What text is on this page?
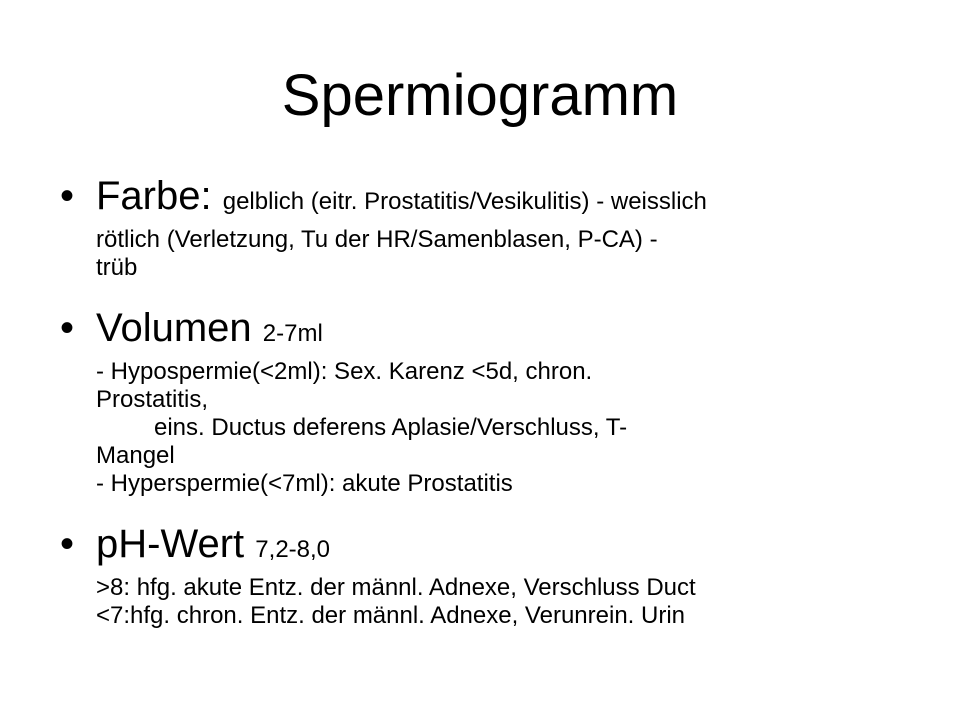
Spermiogramm
• Farbe: gelblich (eitr. Prostatitis/Vesikulitis) - weisslich

rötlich (Verletzung, Tu der HR/Samenblasen, P-CA) -

trüb

• Volumen 2-7ml

- Hypospermie(<2ml): Sex. Karenz <5d, chron.

Prostatitis,

eins. Ductus deferens Aplasie/Verschluss, T-

Mangel

- Hyperspermie(<7ml): akute Prostatitis

• pH-Wert 7,2-8,0

>8: hfg. akute Entz. der männl. Adnexe, Verschluss Duct

<7:hfg. chron. Entz. der männl. Adnexe, Verunrein. Urin
